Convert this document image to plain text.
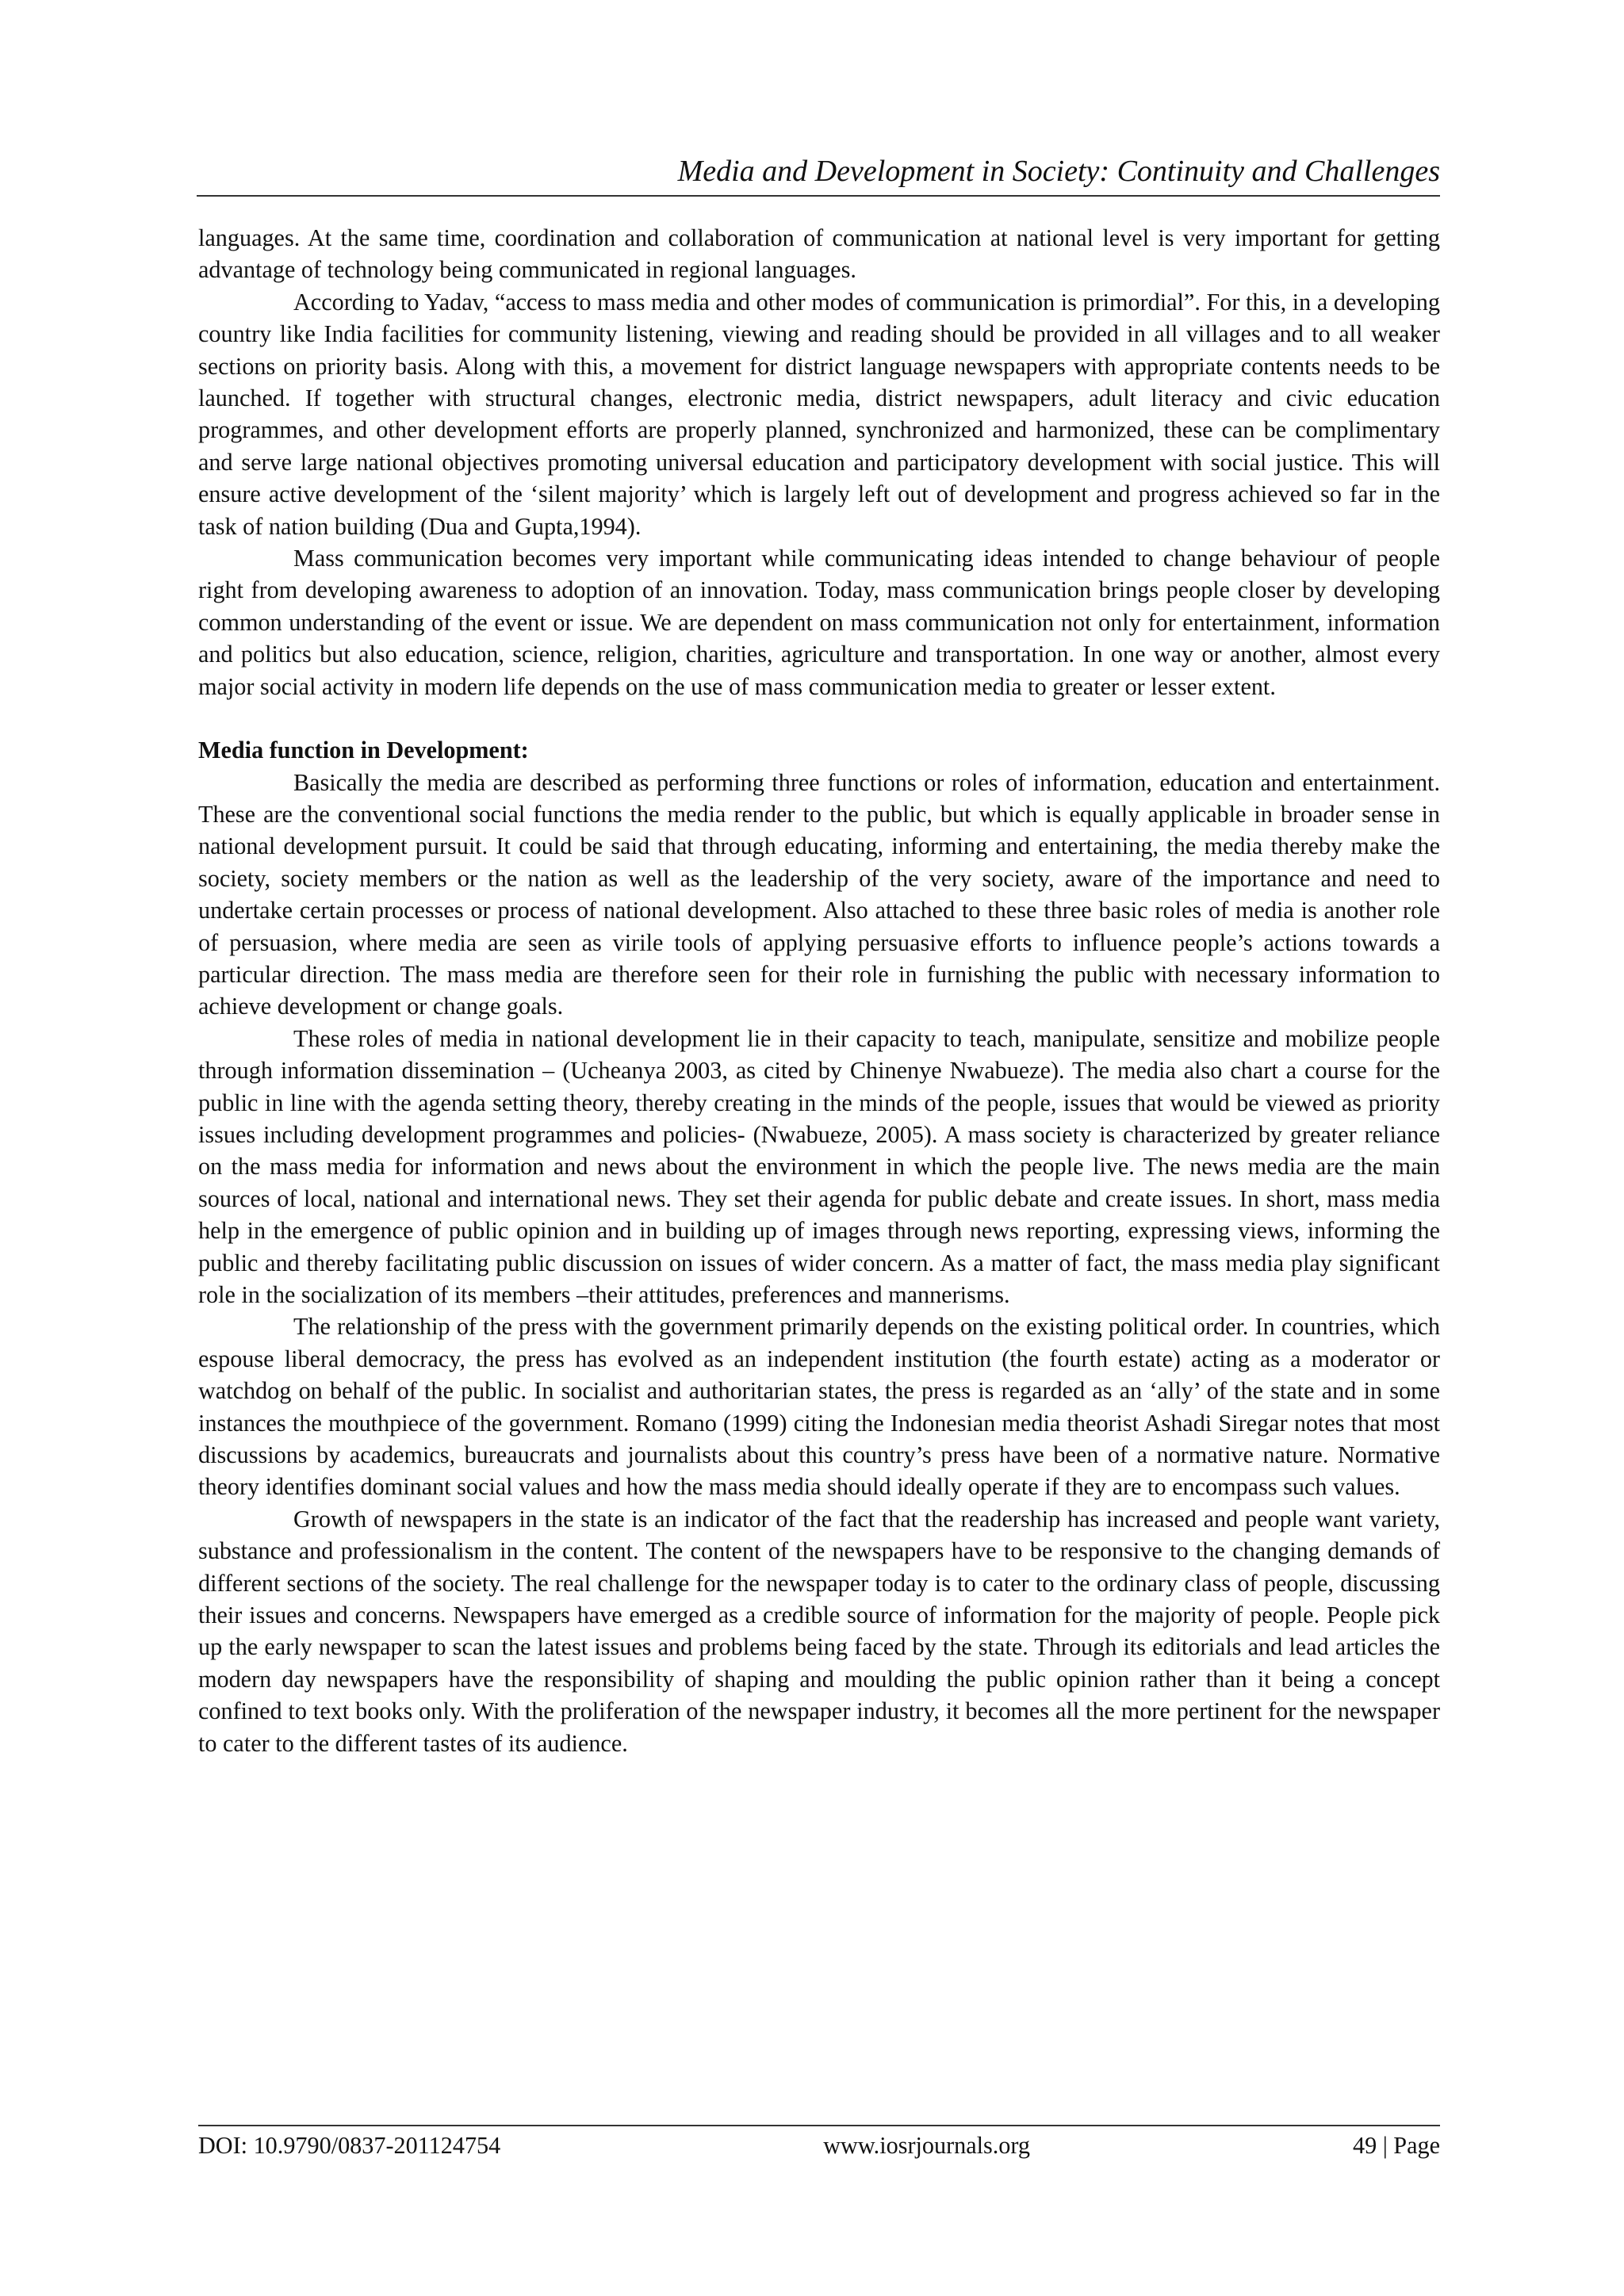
Media and Development in Society: Continuity and Challenges

languages. At the same time, coordination and collaboration of communication at national level is very important for getting advantage of technology being communicated in regional languages.

According to Yadav, “access to mass media and other modes of communication is primordial”. For this, in a developing country like India facilities for community listening, viewing and reading should be provided in all villages and to all weaker sections on priority basis. Along with this, a movement for district language newspapers with appropriate contents needs to be launched. If together with structural changes, electronic media, district newspapers, adult literacy and civic education programmes, and other development efforts are properly planned, synchronized and harmonized, these can be complimentary and serve large national objectives promoting universal education and participatory development with social justice. This will ensure active development of the ‘silent majority’ which is largely left out of development and progress achieved so far in the task of nation building (Dua and Gupta,1994).

Mass communication becomes very important while communicating ideas intended to change behaviour of people right from developing awareness to adoption of an innovation. Today, mass communication brings people closer by developing common understanding of the event or issue. We are dependent on mass communication not only for entertainment, information and politics but also education, science, religion, charities, agriculture and transportation. In one way or another, almost every major social activity in modern life depends on the use of mass communication media to greater or lesser extent.

Media function in Development:

Basically the media are described as performing three functions or roles of information, education and entertainment. These are the conventional social functions the media render to the public, but which is equally applicable in broader sense in national development pursuit. It could be said that through educating, informing and entertaining, the media thereby make the society, society members or the nation as well as the leadership of the very society, aware of the importance and need to undertake certain processes or process of national development. Also attached to these three basic roles of media is another role of persuasion, where media are seen as virile tools of applying persuasive efforts to influence people’s actions towards a particular direction. The mass media are therefore seen for their role in furnishing the public with necessary information to achieve development or change goals.

These roles of media in national development lie in their capacity to teach, manipulate, sensitize and mobilize people through information dissemination – (Ucheanya 2003, as cited by Chinenye Nwabueze). The media also chart a course for the public in line with the agenda setting theory, thereby creating in the minds of the people, issues that would be viewed as priority issues including development programmes and policies- (Nwabueze, 2005). A mass society is characterized by greater reliance on the mass media for information and news about the environment in which the people live. The news media are the main sources of local, national and international news. They set their agenda for public debate and create issues. In short, mass media help in the emergence of public opinion and in building up of images through news reporting, expressing views, informing the public and thereby facilitating public discussion on issues of wider concern. As a matter of fact, the mass media play significant role in the socialization of its members –their attitudes, preferences and mannerisms.

The relationship of the press with the government primarily depends on the existing political order. In countries, which espouse liberal democracy, the press has evolved as an independent institution (the fourth estate) acting as a moderator or watchdog on behalf of the public. In socialist and authoritarian states, the press is regarded as an ‘ally’ of the state and in some instances the mouthpiece of the government. Romano (1999) citing the Indonesian media theorist Ashadi Siregar notes that most discussions by academics, bureaucrats and journalists about this country’s press have been of a normative nature. Normative theory identifies dominant social values and how the mass media should ideally operate if they are to encompass such values.

Growth of newspapers in the state is an indicator of the fact that the readership has increased and people want variety, substance and professionalism in the content. The content of the newspapers have to be responsive to the changing demands of different sections of the society. The real challenge for the newspaper today is to cater to the ordinary class of people, discussing their issues and concerns. Newspapers have emerged as a credible source of information for the majority of people. People pick up the early newspaper to scan the latest issues and problems being faced by the state. Through its editorials and lead articles the modern day newspapers have the responsibility of shaping and moulding the public opinion rather than it being a concept confined to text books only. With the proliferation of the newspaper industry, it becomes all the more pertinent for the newspaper to cater to the different tastes of its audience.

DOI: 10.9790/0837-201124754	www.iosrjournals.org	49 | Page
